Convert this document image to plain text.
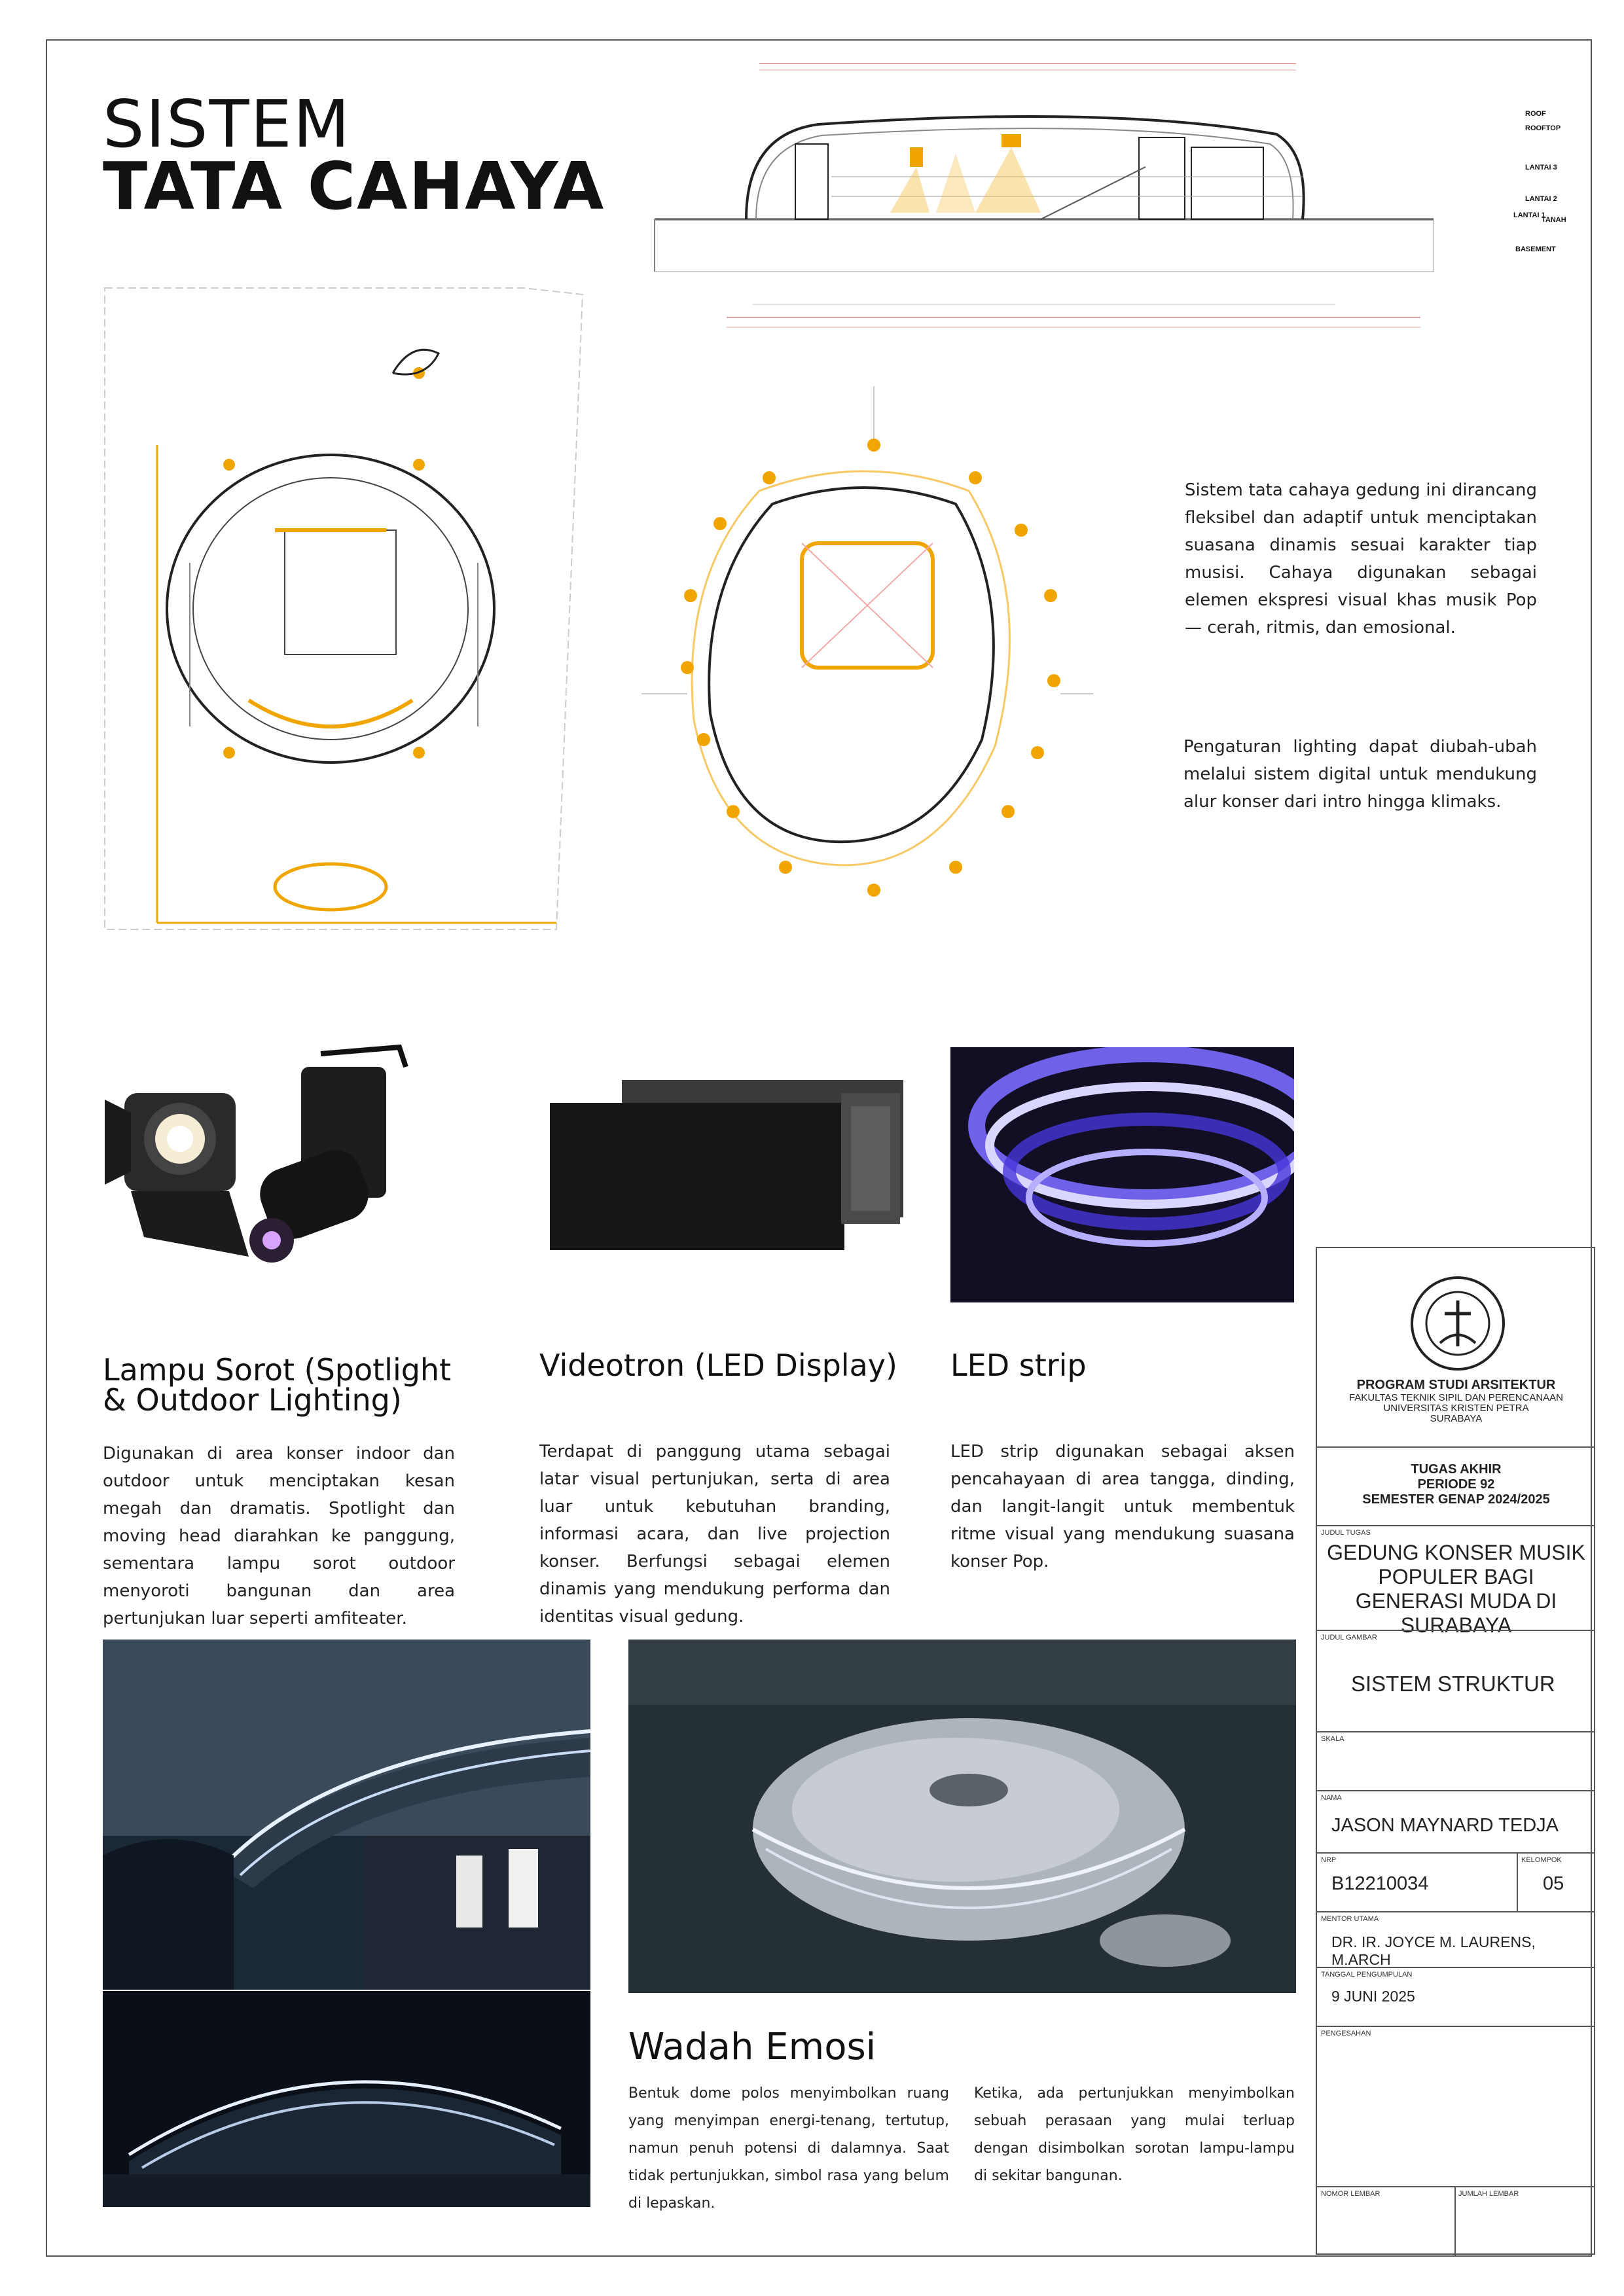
SISTEM
TATA CAHAYA
ROOF
ROOFTOP
LANTAI 3
LANTAI 2
LANTAI 1
TANAH
BASEMENT
Sistem tata cahaya gedung ini dirancang fleksibel dan adaptif untuk menciptakan suasana dinamis sesuai karakter tiap musisi. Cahaya digunakan sebagai elemen ekspresi visual khas musik Pop — cerah, ritmis, dan emosional.
Pengaturan lighting dapat diubah-ubah melalui sistem digital untuk mendukung alur konser dari intro hingga klimaks.
Lampu Sorot (Spotlight & Outdoor Lighting)
Digunakan di area konser indoor dan outdoor untuk menciptakan kesan megah dan dramatis. Spotlight dan moving head diarahkan ke panggung, sementara lampu sorot outdoor menyoroti bangunan dan area pertunjukan luar seperti amfiteater.
Videotron (LED Display)
Terdapat di panggung utama sebagai latar visual pertunjukan, serta di area luar untuk kebutuhan branding, informasi acara, dan live projection konser. Berfungsi sebagai elemen dinamis yang mendukung performa dan identitas visual gedung.
LED strip
LED strip digunakan sebagai aksen pencahayaan di area tangga, dinding, dan langit-langit untuk membentuk ritme visual yang mendukung suasana konser Pop.
Wadah Emosi
Bentuk dome polos menyimbolkan ruang yang menyimpan energi-tenang, tertutup, namun penuh potensi di dalamnya. Saat tidak pertunjukkan, simbol rasa yang belum di lepaskan.
Ketika, ada pertunjukkan menyimbolkan sebuah perasaan yang mulai terluap dengan disimbolkan sorotan lampu-lampu di sekitar bangunan.
PROGRAM STUDI ARSITEKTUR
FAKULTAS TEKNIK SIPIL DAN PERENCANAAN
UNIVERSITAS KRISTEN PETRA
SURABAYA
TUGAS AKHIR
PERIODE 92
SEMESTER GENAP 2024/2025
JUDUL TUGAS
GEDUNG KONSER MUSIK POPULER BAGI GENERASI MUDA DI SURABAYA
JUDUL GAMBAR
SISTEM STRUKTUR
SKALA
NAMA
JASON MAYNARD TEDJA
NRP
B12210034
KELOMPOK
05
MENTOR UTAMA
DR. IR. JOYCE M. LAURENS, M.ARCH
TANGGAL PENGUMPULAN
9 JUNI 2025
PENGESAHAN
NOMOR LEMBAR	JUMLAH LEMBAR
